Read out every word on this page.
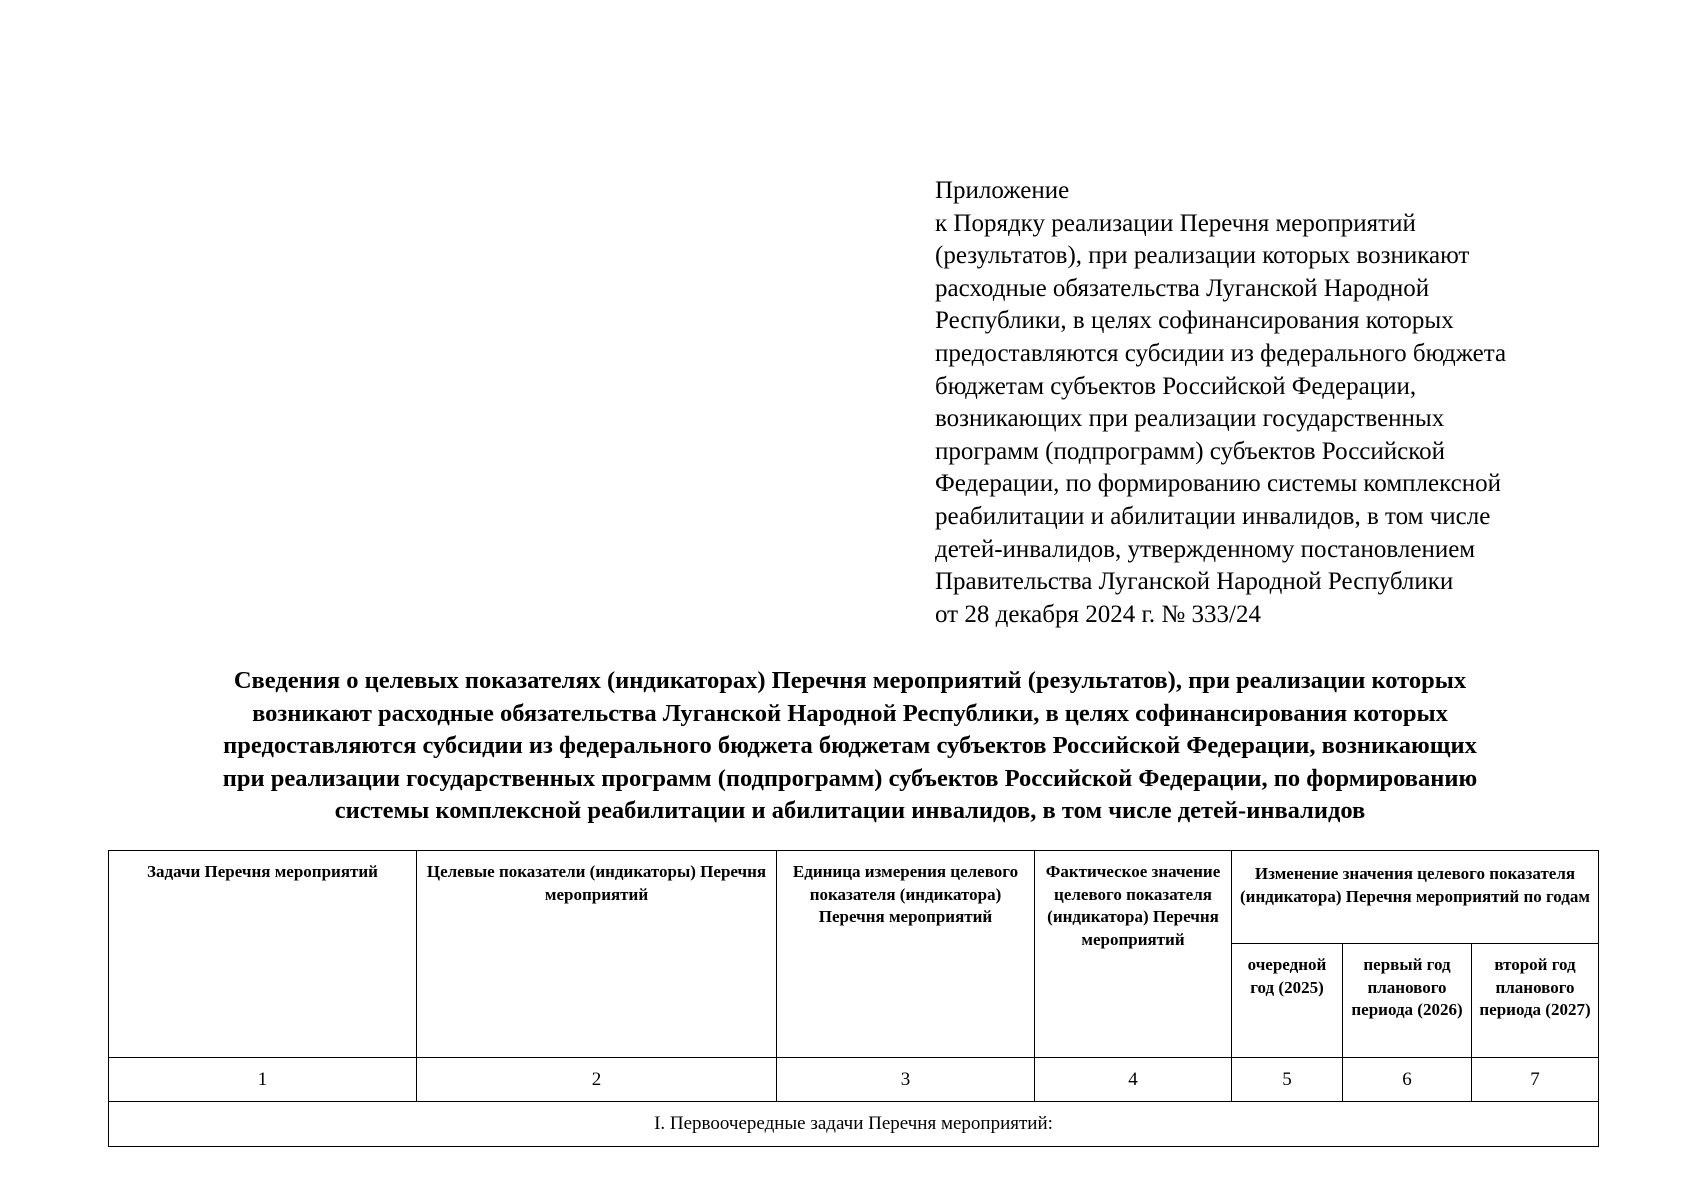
Приложение
к Порядку реализации Перечня мероприятий
(результатов), при реализации которых возникают
расходные обязательства Луганской Народной
Республики, в целях софинансирования которых
предоставляются субсидии из федерального бюджета
бюджетам субъектов Российской Федерации,
возникающих при реализации государственных
программ (подпрограмм) субъектов Российской
Федерации, по формированию системы комплексной
реабилитации и абилитации инвалидов, в том числе
детей-инвалидов, утвержденному постановлением
Правительства Луганской Народной Республики
от 28 декабря 2024 г. № 333/24
Сведения о целевых показателях (индикаторах) Перечня мероприятий (результатов), при реализации которых
возникают расходные обязательства Луганской Народной Республики, в целях софинансирования которых
предоставляются субсидии из федерального бюджета бюджетам субъектов Российской Федерации, возникающих
при реализации государственных программ (подпрограмм) субъектов Российской Федерации, по формированию
системы комплексной реабилитации и абилитации инвалидов, в том числе детей-инвалидов
Задачи Перечня мероприятий	Целевые показатели (индикаторы) Перечня мероприятий	Единица измерения целевого показателя (индикатора) Перечня мероприятий	Фактическое значение целевого показателя (индикатора) Перечня мероприятий	Изменение значения целевого показателя (индикатора) Перечня мероприятий по годам		
				очередной год (2025)	первый год планового периода (2026)	второй год планового периода (2027)
1	2	3	4	5	6	7
I. Первоочередные задачи Перечня мероприятий:						
